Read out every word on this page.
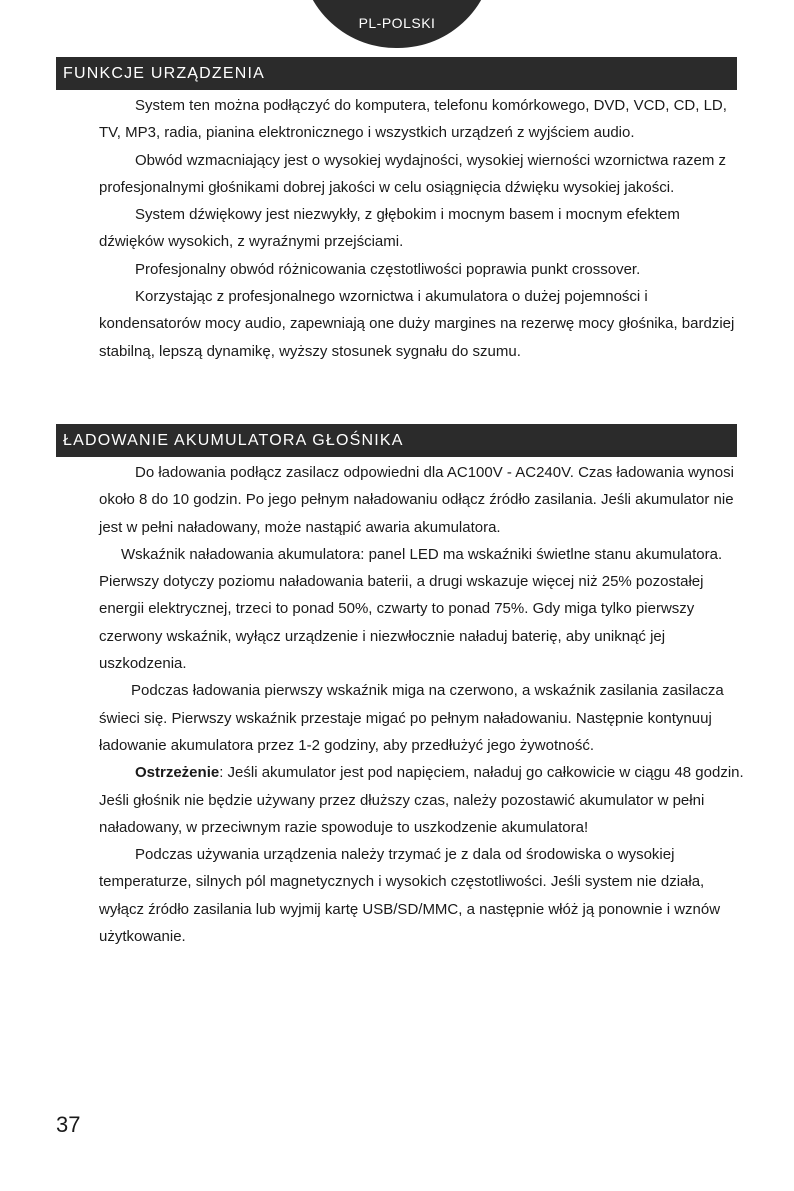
PL-POLSKI
FUNKCJE URZĄDZENIA

System ten można podłączyć do komputera, telefonu komórkowego, DVD, VCD, CD, LD, TV, MP3, radia, pianina elektronicznego i wszystkich urządzeń z wyjściem audio.

Obwód wzmacniający jest o wysokiej wydajności, wysokiej wierności wzornictwa razem z profesjonalnymi głośnikami dobrej jakości w celu osiągnięcia dźwięku wysokiej jakości.

System dźwiękowy jest niezwykły, z głębokim i mocnym basem i mocnym efektem dźwięków wysokich, z wyraźnymi przejściami.

Profesjonalny obwód różnicowania częstotliwości poprawia punkt crossover.

Korzystając z profesjonalnego wzornictwa i akumulatora o dużej pojemności i kondensatorów mocy audio, zapewniają one duży margines na rezerwę mocy głośnika, bardziej stabilną, lepszą dynamikę, wyższy stosunek sygnału do szumu.

ŁADOWANIE AKUMULATORA GŁOŚNIKA

Do ładowania podłącz zasilacz odpowiedni dla AC100V - AC240V. Czas ładowania wynosi około 8 do 10 godzin. Po jego pełnym naładowaniu odłącz źródło zasilania. Jeśli akumulator nie jest w pełni naładowany, może nastąpić awaria akumulatora.

Wskaźnik naładowania akumulatora: panel LED ma wskaźniki świetlne stanu akumulatora. Pierwszy dotyczy poziomu naładowania baterii, a drugi wskazuje więcej niż 25% pozostałej energii elektrycznej, trzeci to ponad 50%, czwarty to ponad 75%. Gdy miga tylko pierwszy czerwony wskaźnik, wyłącz urządzenie i niezwłocznie naładuj baterię, aby uniknąć jej uszkodzenia.

Podczas ładowania pierwszy wskaźnik miga na czerwono, a wskaźnik zasilania zasilacza świeci się. Pierwszy wskaźnik przestaje migać po pełnym naładowaniu. Następnie kontynuuj ładowanie akumulatora przez 1-2 godziny, aby przedłużyć jego żywotność.

Ostrzeżenie: Jeśli akumulator jest pod napięciem, naładuj go całkowicie w ciągu 48 godzin. Jeśli głośnik nie będzie używany przez dłuższy czas, należy pozostawić akumulator w pełni naładowany, w przeciwnym razie spowoduje to uszkodzenie akumulatora!

Podczas używania urządzenia należy trzymać je z dala od środowiska o wysokiej temperaturze, silnych pól magnetycznych i wysokich częstotliwości. Jeśli system nie działa, wyłącz źródło zasilania lub wyjmij kartę USB/SD/MMC, a następnie włóż ją ponownie i wznów użytkowanie.

37
